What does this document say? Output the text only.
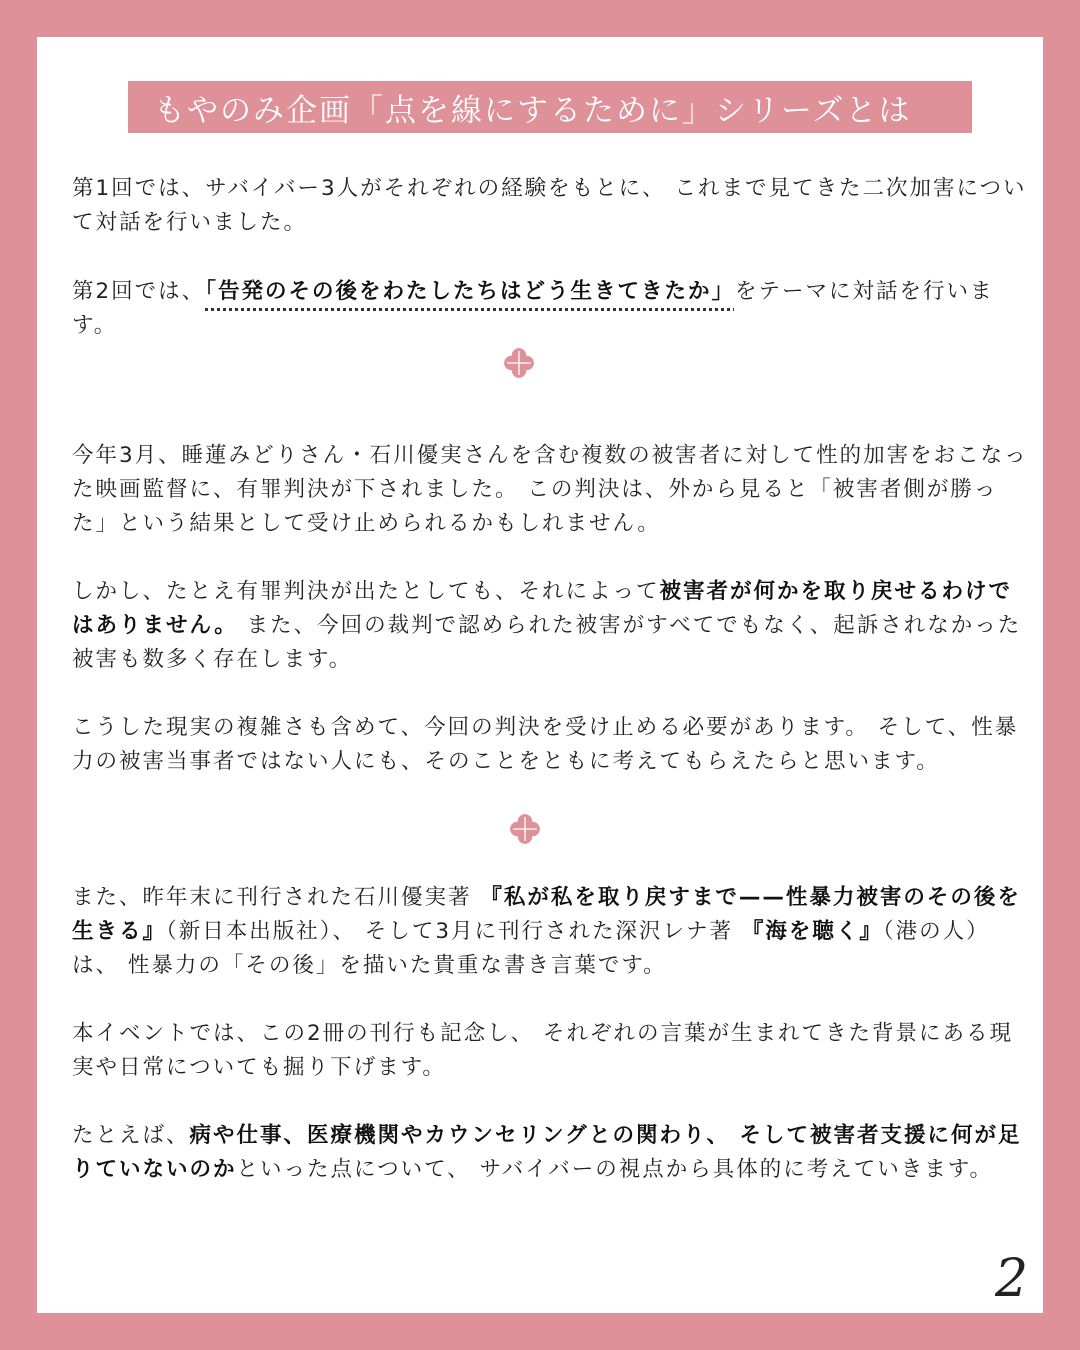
もやのみ企画「点を線にするために」シリーズとは

第1回では、サバイバー3人がそれぞれの経験をもとに、 これまで見てきた二次加害について対話を行いました。

第2回では、「告発のその後をわたしたちはどう生きてきたか」をテーマに対話を行います。

今年3月、睡蓮みどりさん・石川優実さんを含む複数の被害者に対して性的加害をおこなった映画監督に、有罪判決が下されました。 この判決は、外から見ると「被害者側が勝った」という結果として受け止められるかもしれません。

しかし、たとえ有罪判決が出たとしても、それによって被害者が何かを取り戻せるわけではありません。 また、今回の裁判で認められた被害がすべてでもなく、起訴されなかった被害も数多く存在します。

こうした現実の複雑さも含めて、今回の判決を受け止める必要があります。 そして、性暴力の被害当事者ではない人にも、そのことをともに考えてもらえたらと思います。

また、昨年末に刊行された石川優実著 『私が私を取り戻すまで——性暴力被害のその後を生きる』（新日本出版社）、 そして3月に刊行された深沢レナ著 『海を聴く』（港の人）は、 性暴力の「その後」を描いた貴重な書き言葉です。

本イベントでは、この2冊の刊行も記念し、 それぞれの言葉が生まれてきた背景にある現実や日常についても掘り下げます。

たとえば、病や仕事、医療機関やカウンセリングとの関わり、 そして被害者支援に何が足りていないのかといった点について、 サバイバーの視点から具体的に考えていきます。

2
